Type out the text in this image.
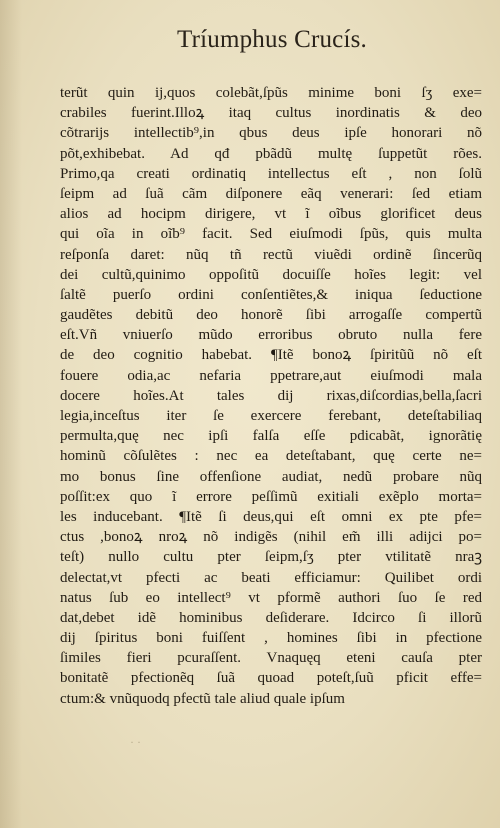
Tríumphus Crucís.
terũt quin ij,quos colebãt,ſpũs minime boni ſʒ exe=
crabiles fuerint.Illoꝝ itaq cultus inordinatis & deo
cõtrarijs intellectib⁹,in qbus deus ipſe honorari nõ
põt,exhibebat. Ad qđ pbãdũ multę ſuppetũt rões.
Primo,qa creati ordinatiq intellectus eſt , non ſolũ
ſeipm ad ſuã cãm diſponere eãq venerari: ſed etiam
alios ad hocipm dirigere, vt ĩ oĩbus glorificet deus
qui oĩa in oĩb⁹ facit. Sed eiuſmodi ſpũs, quis multa
reſponſa daret: nũq tñ rectũ viuẽdi ordinẽ ſincerũq
dei cultũ,quinimo oppoſitũ docuiſſe hoĩes legit: vel
ſaltẽ puerſo ordini conſentiẽtes,& iniqua ſeductione
gaudẽtes debitũ deo honorẽ ſibi arrogaſſe compertũ
eſt.Vñ vniuerſo mũdo erroribus obruto nulla fere
de deo cognitio habebat. ¶Itẽ bonoꝝ ſpiritũũ nõ eſt
fouere odia,ac nefaria ppetrare,aut eiuſmodi mala
docere hoĩes.At tales dij rixas,diſcordias,bella,ſacri
legia,inceſtus iter ſe exercere ferebant, deteſtabiliaq
permulta,quę nec ipſi falſa eſſe pdicabãt, ignorãtię
hominũ cõſulẽtes : nec ea deteſtabant, quę certe ne=
mo bonus ſine offenſione audiat, nedũ probare nũq
poſſit:ex quo ĩ errore peſſimũ exitiali exẽplo morta=
les inducebant. ¶Itẽ ſi deus,qui eſt omni ex pte pfe=
ctus ,bonoꝝ nroꝝ nõ indigẽs (nihil em̃ illi adijci po=
teſt) nullo cultu pter ſeipm,ſʒ pter vtilitatẽ nraꝫ
delectat,vt pfecti ac beati efficiamur: Quilibet ordi
natus ſub eo intellect⁹ vt pformẽ authori ſuo ſe red
dat,debet idẽ hominibus deſiderare. Idcirco ſi illorũ
dij ſpiritus boni fuiſſent , homines ſibi in pfectione
ſimiles fieri pcuraſſent. Vnaquęq eteni cauſa pter
bonitatẽ pfectionẽq ſuã quoad poteſt,ſuũ pficit effe=
ctum:& vnũquodq pfectũ tale aliud quale ipſum
· ·
